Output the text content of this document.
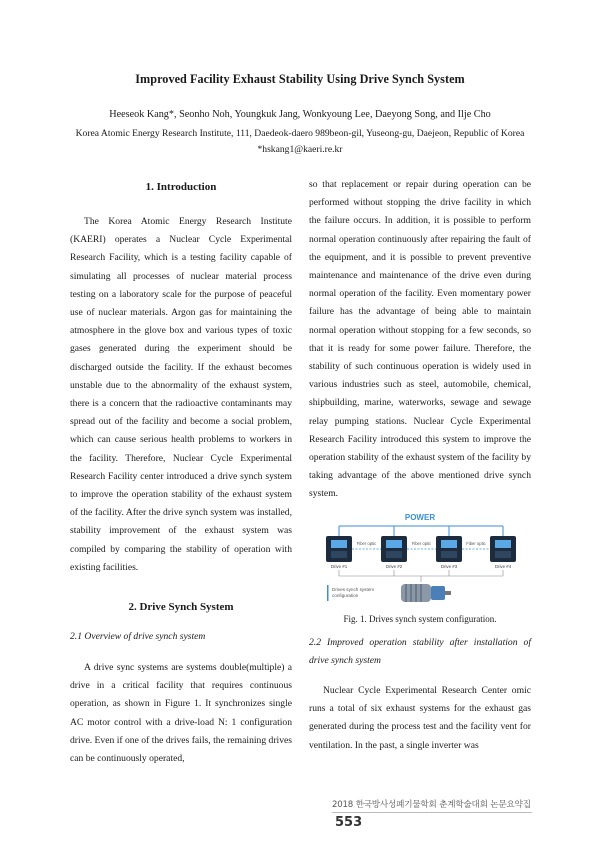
Improved Facility Exhaust Stability Using Drive Synch System
Heeseok Kang*, Seonho Noh, Youngkuk Jang, Wonkyoung Lee, Daeyong Song, and Ilje Cho
Korea Atomic Energy Research Institute, 111, Daedeok-daero 989beon-gil, Yuseong-gu, Daejeon, Republic of Korea
*hskang1@kaeri.re.kr

1. Introduction

The Korea Atomic Energy Research Institute (KAERI) operates a Nuclear Cycle Experimental Research Facility, which is a testing facility capable of simulating all processes of nuclear material process testing on a laboratory scale for the purpose of peaceful use of nuclear materials. Argon gas for maintaining the atmosphere in the glove box and various types of toxic gases generated during the experiment should be discharged outside the facility. If the exhaust becomes unstable due to the abnormality of the exhaust system, there is a concern that the radioactive contaminants may spread out of the facility and become a social problem, which can cause serious health problems to workers in the facility. Therefore, Nuclear Cycle Experimental Research Facility center introduced a drive synch system to improve the operation stability of the exhaust system of the facility. After the drive synch system was installed, stability improvement of the exhaust system was compiled by comparing the stability of operation with existing facilities.

2. Drive Synch System

2.1 Overview of drive synch system

A drive sync systems are systems double(multiple) a drive in a critical facility that requires continuous operation, as shown in Figure 1. It synchronizes single AC motor control with a drive-load N: 1 configuration drive. Even if one of the drives fails, the remaining drives can be continuously operated,

so that replacement or repair during operation can be performed without stopping the drive facility in which the failure occurs. In addition, it is possible to perform normal operation continuously after repairing the fault of the equipment, and it is possible to prevent preventive maintenance and maintenance of the drive even during normal operation of the facility. Even momentary power failure has the advantage of being able to maintain normal operation without stopping for a few seconds, so that it is ready for some power failure. Therefore, the stability of such continuous operation is widely used in various industries such as steel, automobile, chemical, shipbuilding, marine, waterworks, sewage and sewage relay pumping stations. Nuclear Cycle Experimental Research Facility introduced this system to improve the operation stability of the exhaust system of the facility by taking advantage of the above mentioned drive synch system.

POWER
Fiber optic	Fiber optic	Fiber optic
Drive #1	Drive #2	Drive #3	Drive #4
Drives synch system
configuration

Fig. 1. Drives synch system configuration.

2.2 Improved operation stability after installation of drive synch system

Nuclear Cycle Experimental Research Center omic runs a total of six exhaust systems for the exhaust gas generated during the process test and the facility vent for ventilation. In the past, a single inverter was

2018 한국방사성폐기물학회 춘계학술대회 논문요약집553
